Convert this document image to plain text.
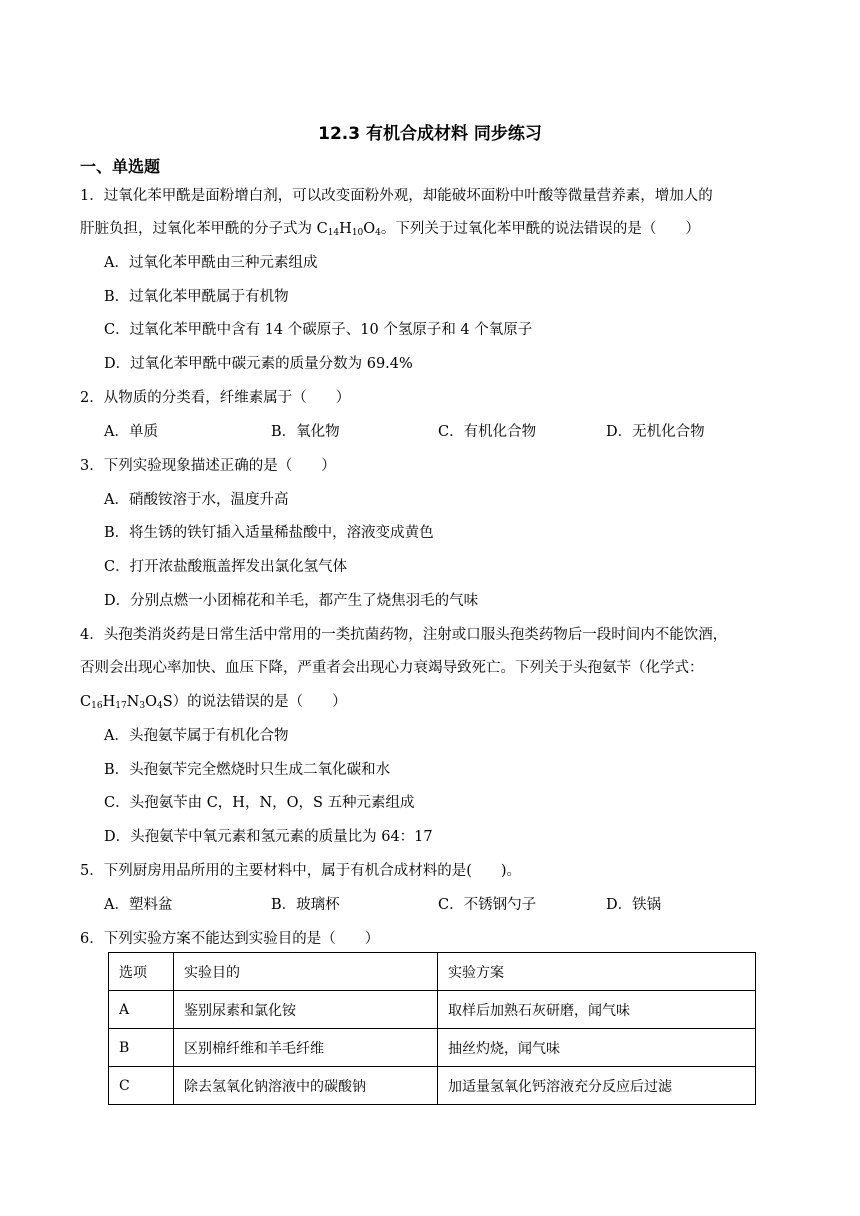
12.3 有机合成材料 同步练习
一、单选题
1．过氧化苯甲酰是面粉增白剂，可以改变面粉外观，却能破坏面粉中叶酸等微量营养素，增加人的
肝脏负担，过氧化苯甲酰的分子式为 $C_{14}H_{10}O_4$。下列关于过氧化苯甲酰的说法错误的是（　　）
A．过氧化苯甲酰由三种元素组成
B．过氧化苯甲酰属于有机物
C．过氧化苯甲酰中含有 14 个碳原子、10 个氢原子和 4 个氧原子
D．过氧化苯甲酰中碳元素的质量分数为 69.4%
2．从物质的分类看，纤维素属于（　　）
A．单质	B．氧化物	C．有机化合物	D．无机化合物
3．下列实验现象描述正确的是（　　）
A．硝酸铵溶于水，温度升高
B．将生锈的铁钉插入适量稀盐酸中，溶液变成黄色
C．打开浓盐酸瓶盖挥发出氯化氢气体
D．分别点燃一小团棉花和羊毛，都产生了烧焦羽毛的气味
4．头孢类消炎药是日常生活中常用的一类抗菌药物，注射或口服头孢类药物后一段时间内不能饮酒，
否则会出现心率加快、血压下降，严重者会出现心力衰竭导致死亡。下列关于头孢氨苄（化学式：
$C_{16}H_{17}N_3O_4S$）的说法错误的是（　　）
A．头孢氨苄属于有机化合物
B．头孢氨苄完全燃烧时只生成二氧化碳和水
C．头孢氨苄由 C，H，N，O，S 五种元素组成
D．头孢氨苄中氧元素和氢元素的质量比为 64：17
5．下列厨房用品所用的主要材料中，属于有机合成材料的是(　　)。
A．塑料盆	B．玻璃杯	C．不锈钢勺子	D．铁锅
6．下列实验方案不能达到实验目的是（　　）
选项	实验目的	实验方案
A	鉴别尿素和氯化铵	取样后加熟石灰研磨，闻气味
B	区别棉纤维和羊毛纤维	抽丝灼烧，闻气味
C	除去氢氧化钠溶液中的碳酸钠	加适量氢氧化钙溶液充分反应后过滤
